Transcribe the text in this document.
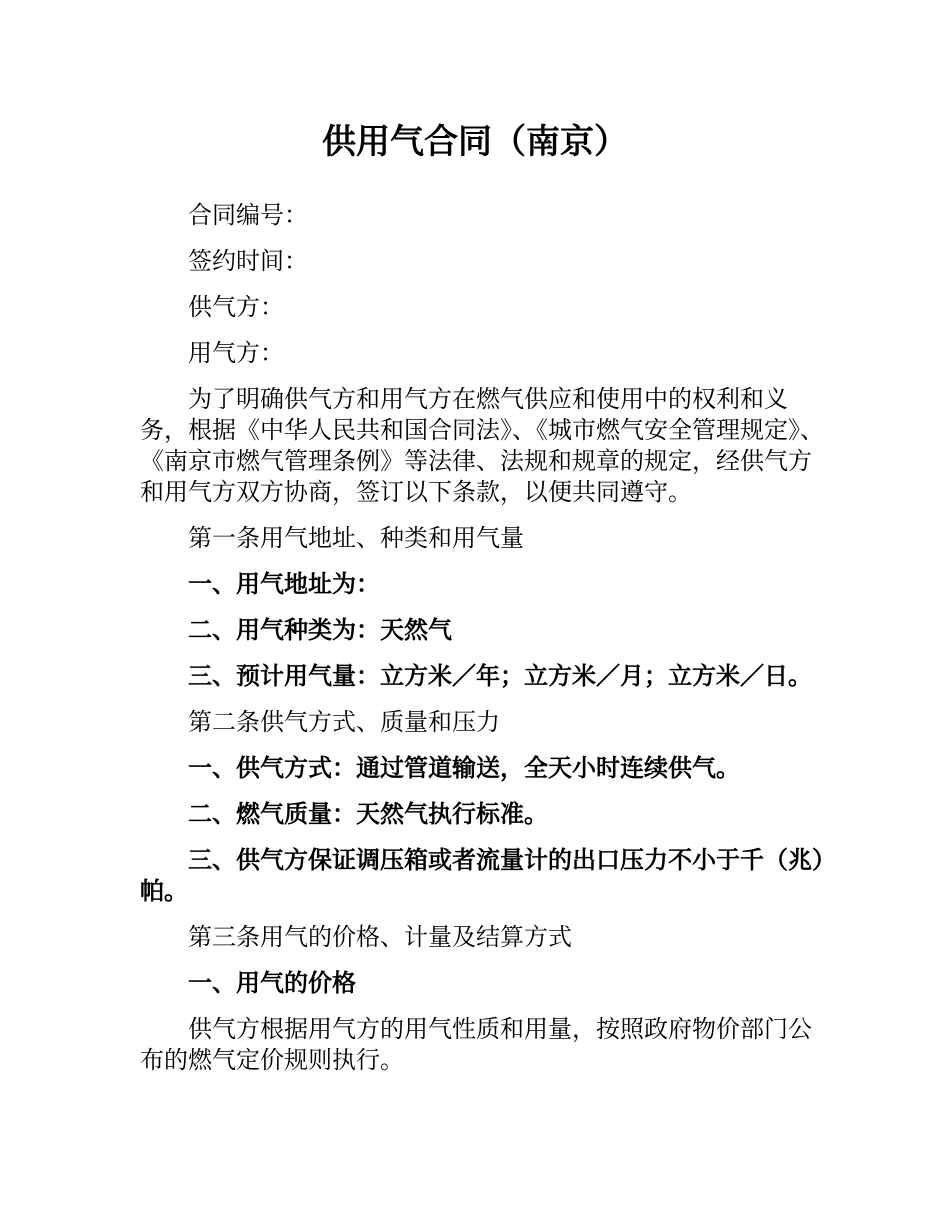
供用气合同（南京）

合同编号：

签约时间：

供气方：

用气方：

为了明确供气方和用气方在燃气供应和使用中的权利和义务，根据《中华人民共和国合同法》、《城市燃气安全管理规定》、《南京市燃气管理条例》等法律、法规和规章的规定，经供气方和用气方双方协商，签订以下条款，以便共同遵守。

第一条用气地址、种类和用气量

一、用气地址为：

二、用气种类为：天然气

三、预计用气量：立方米／年；立方米／月；立方米／日。

第二条供气方式、质量和压力

一、供气方式：通过管道输送，全天小时连续供气。

二、燃气质量：天然气执行标准。

三、供气方保证调压箱或者流量计的出口压力不小于千（兆）帕。

第三条用气的价格、计量及结算方式

一、用气的价格

供气方根据用气方的用气性质和用量，按照政府物价部门公布的燃气定价规则执行。
